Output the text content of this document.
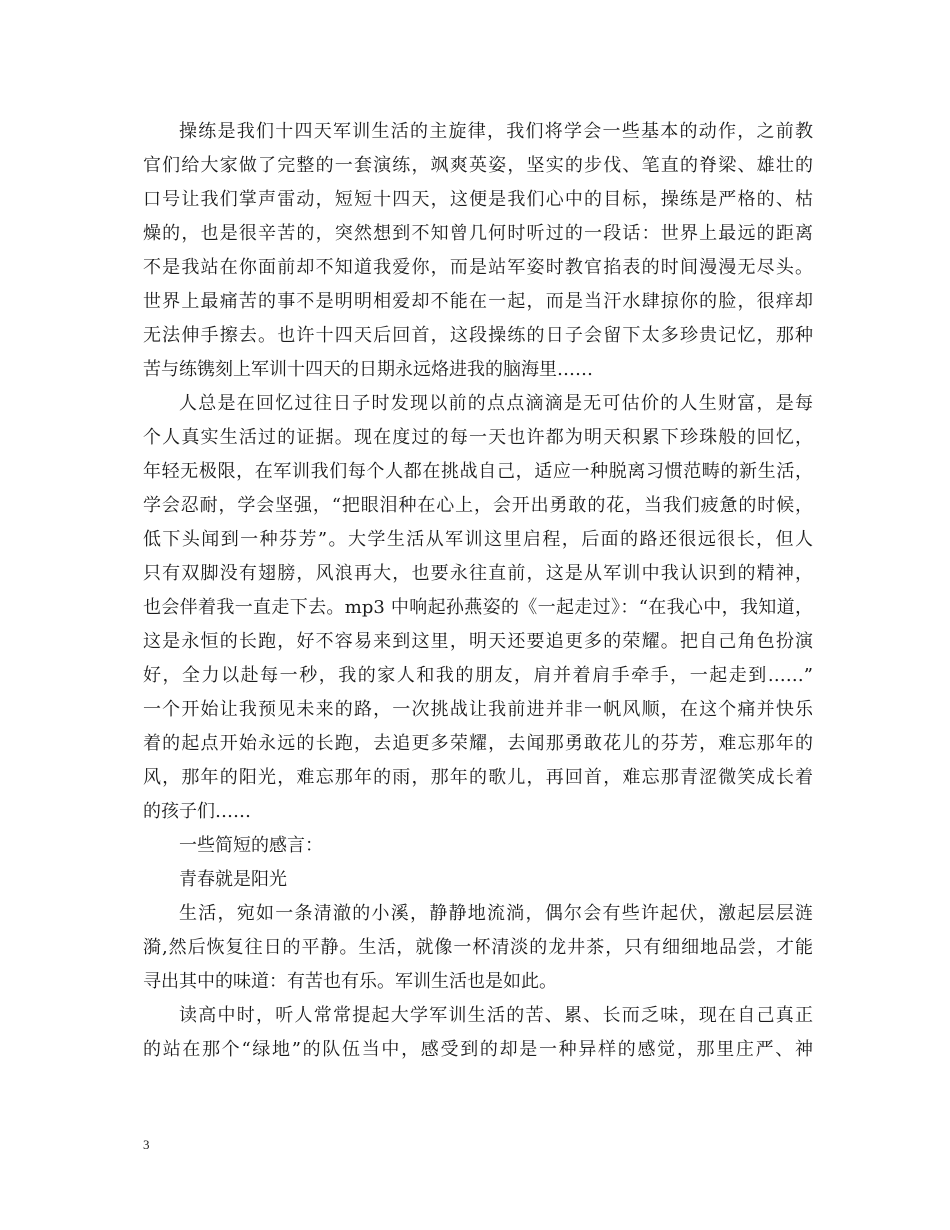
操练是我们十四天军训生活的主旋律，我们将学会一些基本的动作，之前教
官们给大家做了完整的一套演练，飒爽英姿，坚实的步伐、笔直的脊梁、雄壮的
口号让我们掌声雷动，短短十四天，这便是我们心中的目标，操练是严格的、枯
燥的，也是很辛苦的，突然想到不知曾几何时听过的一段话：世界上最远的距离
不是我站在你面前却不知道我爱你，而是站军姿时教官掐表的时间漫漫无尽头。
世界上最痛苦的事不是明明相爱却不能在一起，而是当汗水肆掠你的脸，很痒却
无法伸手擦去。也许十四天后回首，这段操练的日子会留下太多珍贵记忆，那种
苦与练镌刻上军训十四天的日期永远烙进我的脑海里……
人总是在回忆过往日子时发现以前的点点滴滴是无可估价的人生财富，是每
个人真实生活过的证据。现在度过的每一天也许都为明天积累下珍珠般的回忆，
年轻无极限，在军训我们每个人都在挑战自己，适应一种脱离习惯范畴的新生活，
学会忍耐，学会坚强，“把眼泪种在心上，会开出勇敢的花，当我们疲惫的时候，
低下头闻到一种芬芳”。大学生活从军训这里启程，后面的路还很远很长，但人
只有双脚没有翅膀，风浪再大，也要永往直前，这是从军训中我认识到的精神，
也会伴着我一直走下去。mp3 中响起孙燕姿的《一起走过》：“在我心中，我知道，
这是永恒的长跑，好不容易来到这里，明天还要追更多的荣耀。把自己角色扮演
好，全力以赴每一秒，我的家人和我的朋友，肩并着肩手牵手，一起走到……”
一个开始让我预见未来的路，一次挑战让我前进并非一帆风顺，在这个痛并快乐
着的起点开始永远的长跑，去追更多荣耀，去闻那勇敢花儿的芬芳，难忘那年的
风，那年的阳光，难忘那年的雨，那年的歌儿，再回首，难忘那青涩微笑成长着
的孩子们……
一些简短的感言：
青春就是阳光
生活，宛如一条清澈的小溪，静静地流淌，偶尔会有些许起伏，激起层层涟
漪,然后恢复往日的平静。生活，就像一杯清淡的龙井茶，只有细细地品尝，才能
寻出其中的味道：有苦也有乐。军训生活也是如此。
读高中时，听人常常提起大学军训生活的苦、累、长而乏味，现在自己真正
的站在那个“绿地”的队伍当中，感受到的却是一种异样的感觉，那里庄严、神
3
